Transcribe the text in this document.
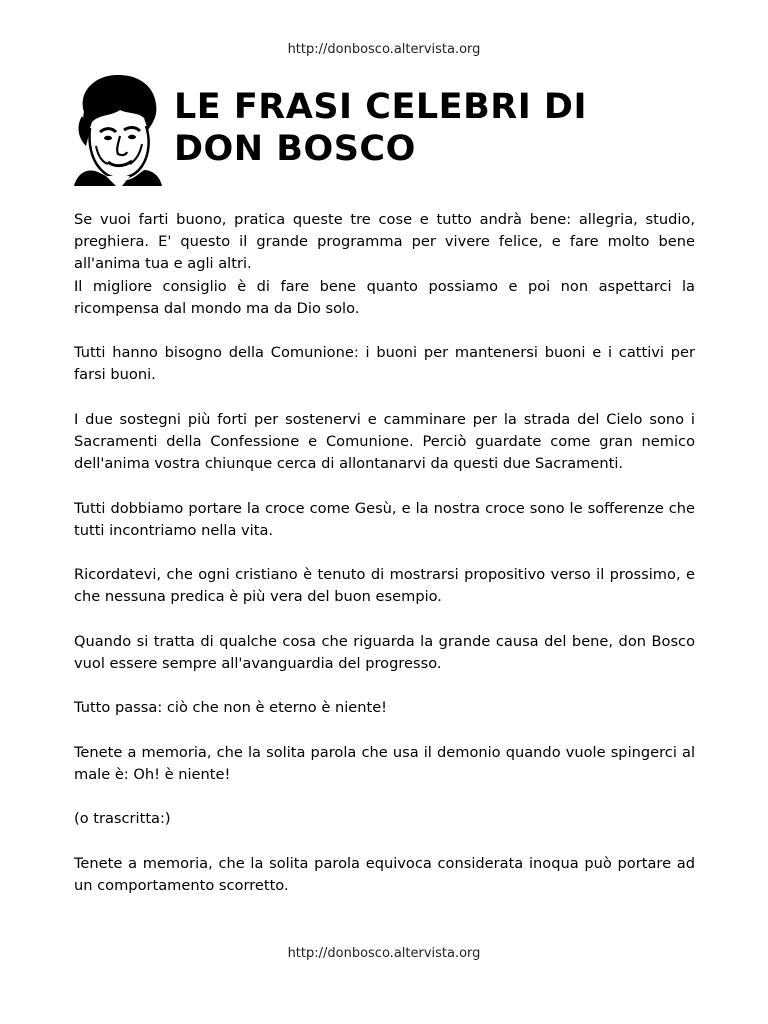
http://donbosco.altervista.org
LE FRASI CELEBRI DI
DON BOSCO

Se vuoi farti buono, pratica queste tre cose e tutto andrà bene: allegria, studio, preghiera. E' questo il grande programma per vivere felice, e fare molto bene all'anima tua e agli altri.

Il migliore consiglio è di fare bene quanto possiamo e poi non aspettarci la ricompensa dal mondo ma da Dio solo.

Tutti hanno bisogno della Comunione: i buoni per mantenersi buoni e i cattivi per farsi buoni.

I due sostegni più forti per sostenervi e camminare per la strada del Cielo sono i Sacramenti della Confessione e Comunione. Perciò guardate come gran nemico dell'anima vostra chiunque cerca di allontanarvi da questi due Sacramenti.

Tutti dobbiamo portare la croce come Gesù, e la nostra croce sono le sofferenze che tutti incontriamo nella vita.

Ricordatevi, che ogni cristiano è tenuto di mostrarsi propositivo verso il prossimo, e che nessuna predica è più vera del buon esempio.

Quando si tratta di qualche cosa che riguarda la grande causa del bene, don Bosco vuol essere sempre all'avanguardia del progresso.

Tutto passa: ciò che non è eterno è niente!

Tenete a memoria, che la solita parola che usa il demonio quando vuole spingerci al male è: Oh! è niente!

(o trascritta:)

Tenete a memoria, che la solita parola equivoca considerata inoqua può portare ad un comportamento scorretto.

http://donbosco.altervista.org
